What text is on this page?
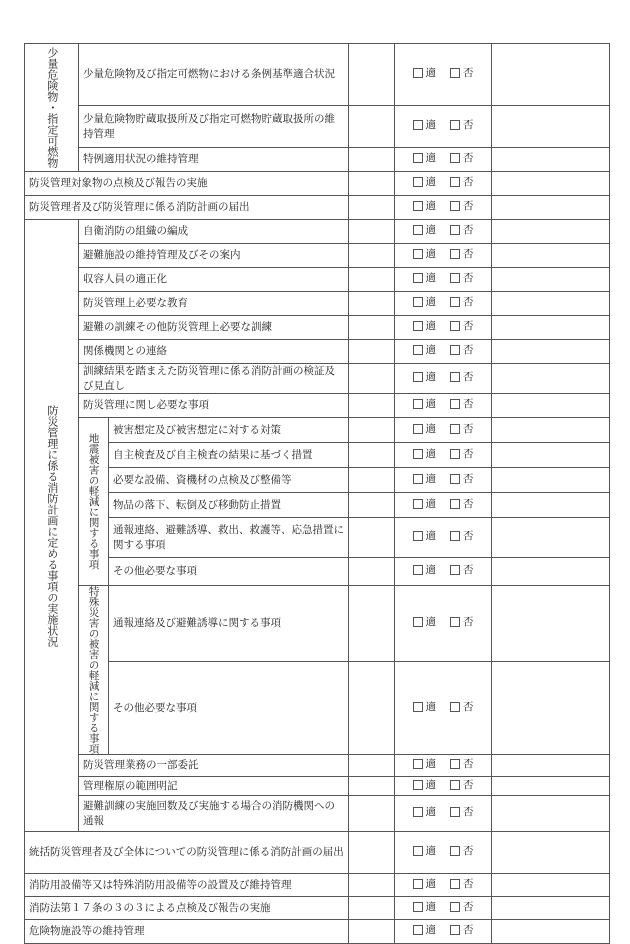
少量危険物・指定可燃物	少量危険物及び指定可燃物における条例基準適合状況			適 否	

	少量危険物貯蔵取扱所及び指定可燃物貯蔵取扱所の維持管理			適 否	

	特例適用状況の維持管理			適 否	

防災管理対象物の点検及び報告の実施				適 否	

防災管理者及び防災管理に係る消防計画の届出				適 否	

防災管理に係る消防計画に定める事項の実施状況	自衛消防の組織の編成			適 否	

	避難施設の維持管理及びその案内			適 否	

	収容人員の適正化			適 否	

	防災管理上必要な教育			適 否	

	避難の訓練その他防災管理上必要な訓練			適 否	

	関係機関との連絡			適 否	

	訓練結果を踏まえた防災管理に係る消防計画の検証及び見直し			適 否	

	防災管理に関し必要な事項			適 否	

	地震被害の軽減に関する事項	被害想定及び被害想定に対する対策		適 否	

		自主検査及び自主検査の結果に基づく措置		適 否	

		必要な設備、資機材の点検及び整備等		適 否	

		物品の落下、転倒及び移動防止措置		適 否	

		通報連絡、避難誘導、救出、救護等、応急措置に関する事項		適 否	

		その他必要な事項		適 否	

	特殊災害の被害の軽減に関する事項	通報連絡及び避難誘導に関する事項		適 否	

		その他必要な事項		適 否	

	防災管理業務の一部委託			適 否	

	管理権原の範囲明記			適 否	

	避難訓練の実施回数及び実施する場合の消防機関への通報			適 否	

統括防災管理者及び全体についての防災管理に係る消防計画の届出				適 否	

消防用設備等又は特殊消防用設備等の設置及び維持管理				適 否	

消防法第１７条の３の３による点検及び報告の実施				適 否	

危険物施設等の維持管理				適 否	
